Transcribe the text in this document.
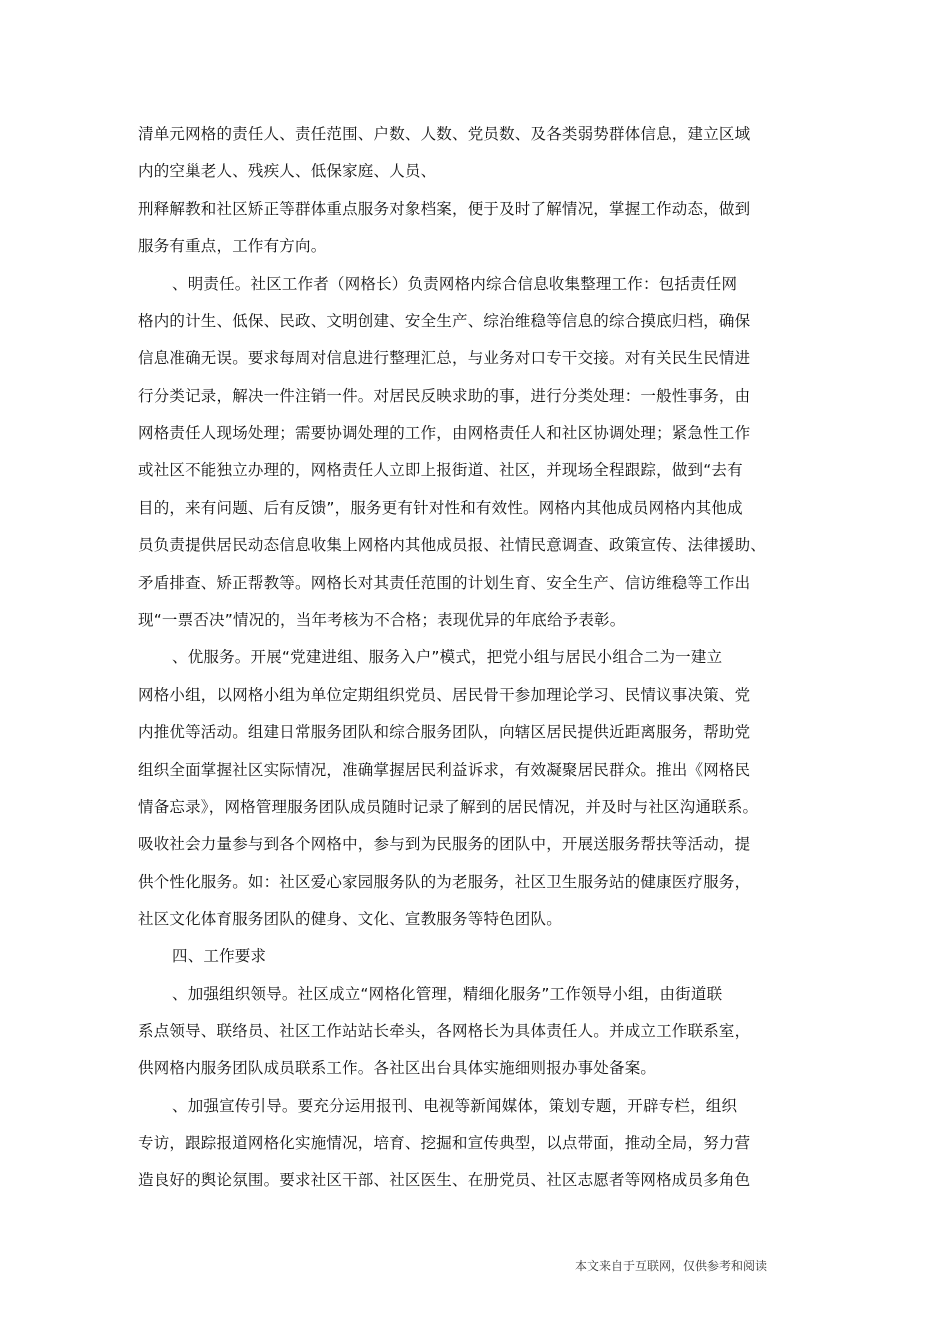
清单元网格的责任人、责任范围、户数、人数、党员数、及各类弱势群体信息，建立区域
内的空巢老人、残疾人、低保家庭、人员、
刑释解教和社区矫正等群体重点服务对象档案，便于及时了解情况，掌握工作动态，做到
服务有重点，工作有方向。
、明责任。社区工作者（网格长）负责网格内综合信息收集整理工作：包括责任网
格内的计生、低保、民政、文明创建、安全生产、综治维稳等信息的综合摸底归档，确保
信息准确无误。要求每周对信息进行整理汇总，与业务对口专干交接。对有关民生民情进
行分类记录，解决一件注销一件。对居民反映求助的事，进行分类处理：一般性事务，由
网格责任人现场处理；需要协调处理的工作，由网格责任人和社区协调处理；紧急性工作
或社区不能独立办理的，网格责任人立即上报街道、社区，并现场全程跟踪，做到“去有
目的，来有问题、后有反馈”，服务更有针对性和有效性。网格内其他成员网格内其他成
员负责提供居民动态信息收集上网格内其他成员报、社情民意调查、政策宣传、法律援助、
矛盾排查、矫正帮教等。网格长对其责任范围的计划生育、安全生产、信访维稳等工作出
现“一票否决”情况的，当年考核为不合格；表现优异的年底给予表彰。
、优服务。开展“党建进组、服务入户”模式，把党小组与居民小组合二为一建立
网格小组，以网格小组为单位定期组织党员、居民骨干参加理论学习、民情议事决策、党
内推优等活动。组建日常服务团队和综合服务团队，向辖区居民提供近距离服务，帮助党
组织全面掌握社区实际情况，准确掌握居民利益诉求，有效凝聚居民群众。推出《网格民
情备忘录》，网格管理服务团队成员随时记录了解到的居民情况，并及时与社区沟通联系。
吸收社会力量参与到各个网格中，参与到为民服务的团队中，开展送服务帮扶等活动，提
供个性化服务。如：社区爱心家园服务队的为老服务，社区卫生服务站的健康医疗服务，
社区文化体育服务团队的健身、文化、宣教服务等特色团队。
四、工作要求
、加强组织领导。社区成立“网格化管理，精细化服务”工作领导小组，由街道联
系点领导、联络员、社区工作站站长牵头，各网格长为具体责任人。并成立工作联系室，
供网格内服务团队成员联系工作。各社区出台具体实施细则报办事处备案。
、加强宣传引导。要充分运用报刊、电视等新闻媒体，策划专题，开辟专栏，组织
专访，跟踪报道网格化实施情况，培育、挖掘和宣传典型，以点带面，推动全局，努力营
造良好的舆论氛围。要求社区干部、社区医生、在册党员、社区志愿者等网格成员多角色
本文来自于互联网，仅供参考和阅读
